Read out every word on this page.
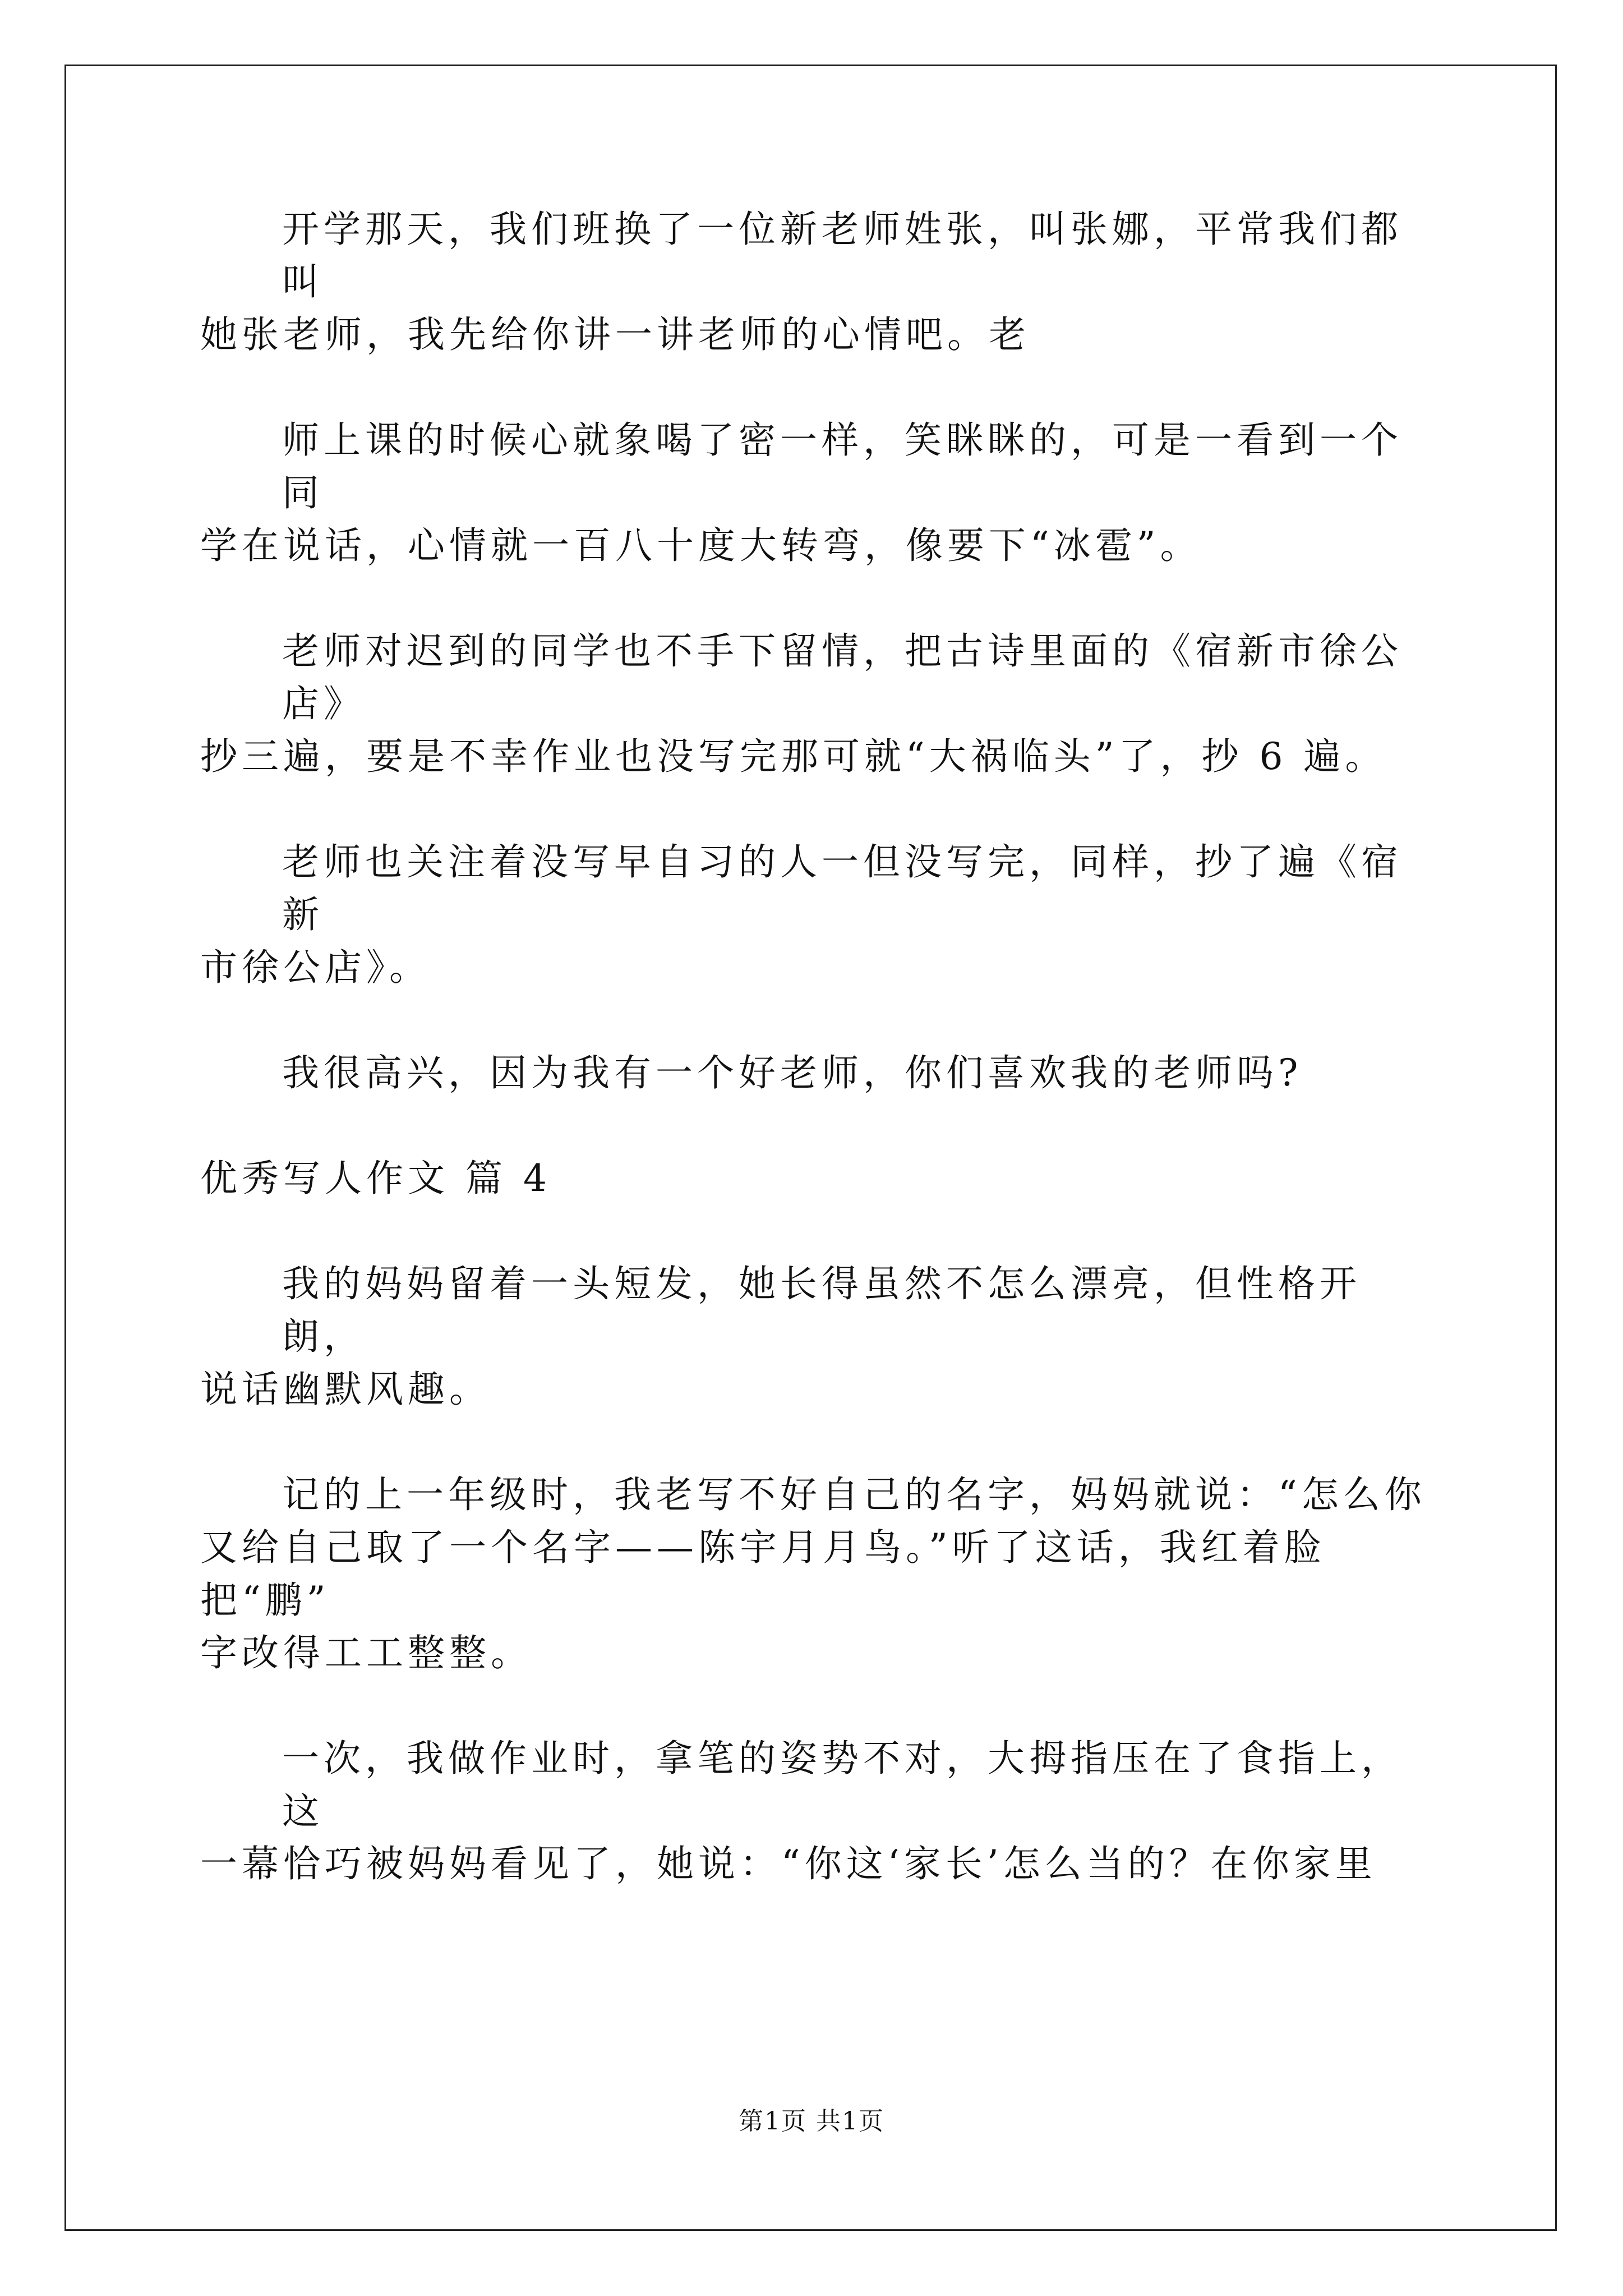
开学那天，我们班换了一位新老师姓张，叫张娜，平常我们都叫
她张老师，我先给你讲一讲老师的心情吧。老

师上课的时候心就象喝了密一样，笑眯眯的，可是一看到一个同
学在说话，心情就一百八十度大转弯，像要下“冰雹”。

老师对迟到的同学也不手下留情，把古诗里面的《宿新市徐公店》
抄三遍，要是不幸作业也没写完那可就“大祸临头”了，抄 6 遍。

老师也关注着没写早自习的人一但没写完，同样，抄了遍《宿新
市徐公店》。

我很高兴，因为我有一个好老师，你们喜欢我的老师吗?

优秀写人作文 篇 4

我的妈妈留着一头短发，她长得虽然不怎么漂亮，但性格开朗，
说话幽默风趣。

记的上一年级时，我老写不好自己的名字，妈妈就说：“怎么你
又给自己取了一个名字——陈宇月月鸟。”听了这话，我红着脸把“鹏”
字改得工工整整。

一次，我做作业时，拿笔的姿势不对，大拇指压在了食指上，这
一幕恰巧被妈妈看见了，她说：“你这‘家长’怎么当的？在你家里

第1页 共1页
